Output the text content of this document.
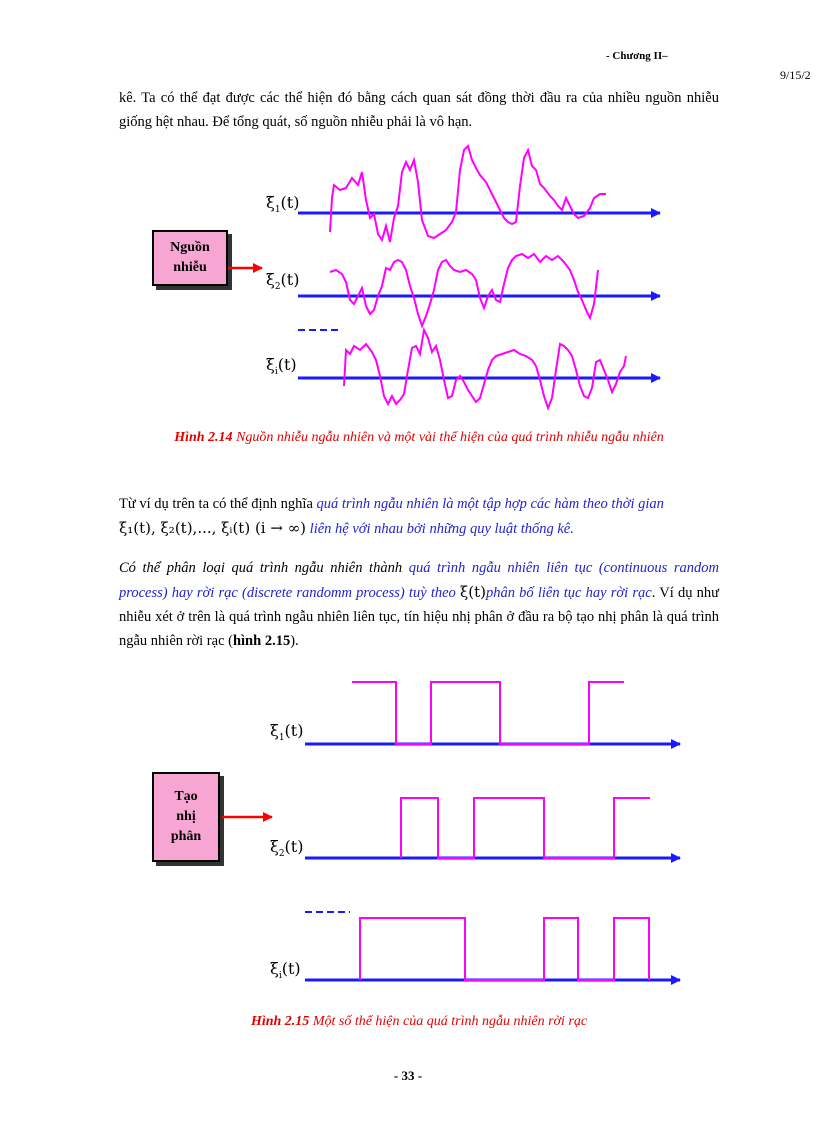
- Chương II–
9/15/2

kê. Ta có thể đạt được các thể hiện đó bằng cách quan sát đồng thời đầu ra của nhiều nguồn nhiễu giống hệt nhau. Để tổng quát, số nguồn nhiễu phải là vô hạn.

Nguồn
nhiễu
$\xi_1(t)$
$\xi_2(t)$
$\xi_i(t)$
Hình 2.14 Nguồn nhiễu ngẫu nhiên và một vài thể hiện của quá trình nhiễu ngẫu nhiên

Từ ví dụ trên ta có thể định nghĩa quá trình ngẫu nhiên là một tập hợp các hàm theo thời gian
ξ₁(t), ξ₂(t),..., ξᵢ(t) (i → ∞) liên hệ với nhau bởi những quy luật thống kê.

Có thể phân loại quá trình ngẫu nhiên thành quá trình ngẫu nhiên liên tục (continuous random process) hay rời rạc (discrete randomm process) tuỳ theo ξ(t)phân bố liên tục hay rời rạc. Ví dụ như nhiễu xét ở trên là quá trình ngẫu nhiên liên tục, tín hiệu nhị phân ở đầu ra bộ tạo nhị phân là quá trình ngẫu nhiên rời rạc (hình 2.15).

Tạo
nhị
phân
$\xi_1(t)$
$\xi_2(t)$
$\xi_i(t)$
Hình 2.15 Một số thể hiện của quá trình ngẫu nhiên rời rạc
- 33 -
